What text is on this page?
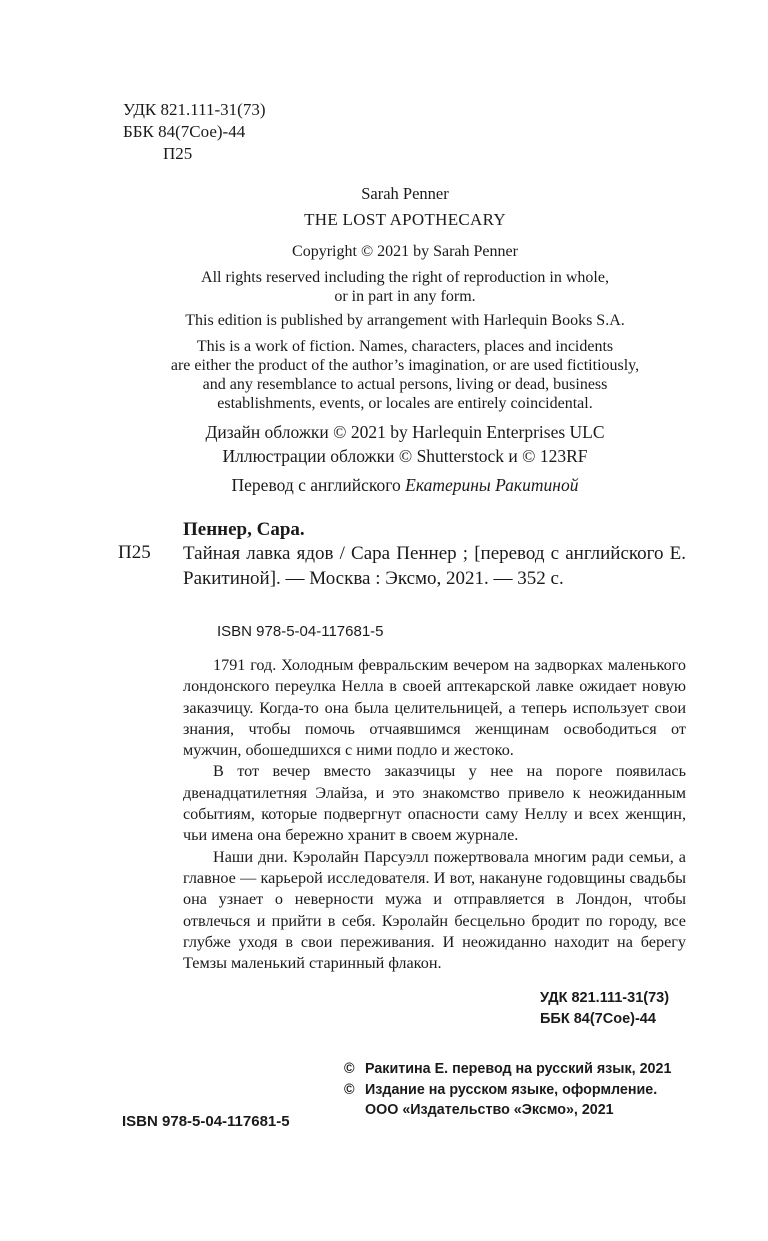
УДК 821.111-31(73)
ББК 84(7Сое)-44
П25
Sarah Penner
THE LOST APOTHECARY
Copyright © 2021 by Sarah Penner
All rights reserved including the right of reproduction in whole,
or in part in any form.
This edition is published by arrangement with Harlequin Books S.A.
This is a work of fiction. Names, characters, places and incidents
are either the product of the author’s imagination, or are used fictitiously,
and any resemblance to actual persons, living or dead, business
establishments, events, or locales are entirely coincidental.
Дизайн обложки © 2021 by Harlequin Enterprises ULC
Иллюстрации обложки © Shutterstock и © 123RF
Перевод с английского Екатерины Ракитиной
Пеннер, Сара.
П25 Тайная лавка ядов / Сара Пеннер ; [перевод с английского Е. Ракитиной]. — Москва : Эксмо, 2021. — 352 с.
ISBN 978-5-04-117681-5

1791 год. Холодным февральским вечером на задворках маленького лондонского переулка Нелла в своей аптекарской лавке ожидает новую заказчицу. Когда-то она была целительницей, а теперь использует свои знания, чтобы помочь отчаявшимся женщинам освободиться от мужчин, обошедшихся с ними подло и жестоко.

В тот вечер вместо заказчицы у нее на пороге появилась двенадцатилетняя Элайза, и это знакомство привело к неожиданным событиям, которые подвергнут опасности саму Неллу и всех женщин, чьи имена она бережно хранит в своем журнале.

Наши дни. Кэролайн Парсуэлл пожертвовала многим ради семьи, а главное — карьерой исследователя. И вот, накануне годовщины свадьбы она узнает о неверности мужа и отправляется в Лондон, чтобы отвлечься и прийти в себя. Кэролайн бесцельно бродит по городу, все глубже уходя в свои переживания. И неожиданно находит на берегу Темзы маленький старинный флакон.

УДК 821.111-31(73)
ББК 84(7Сое)-44
© Ракитина Е. перевод на русский язык, 2021
© Издание на русском языке, оформление. ООО «Издательство «Эксмо», 2021
ISBN 978-5-04-117681-5
